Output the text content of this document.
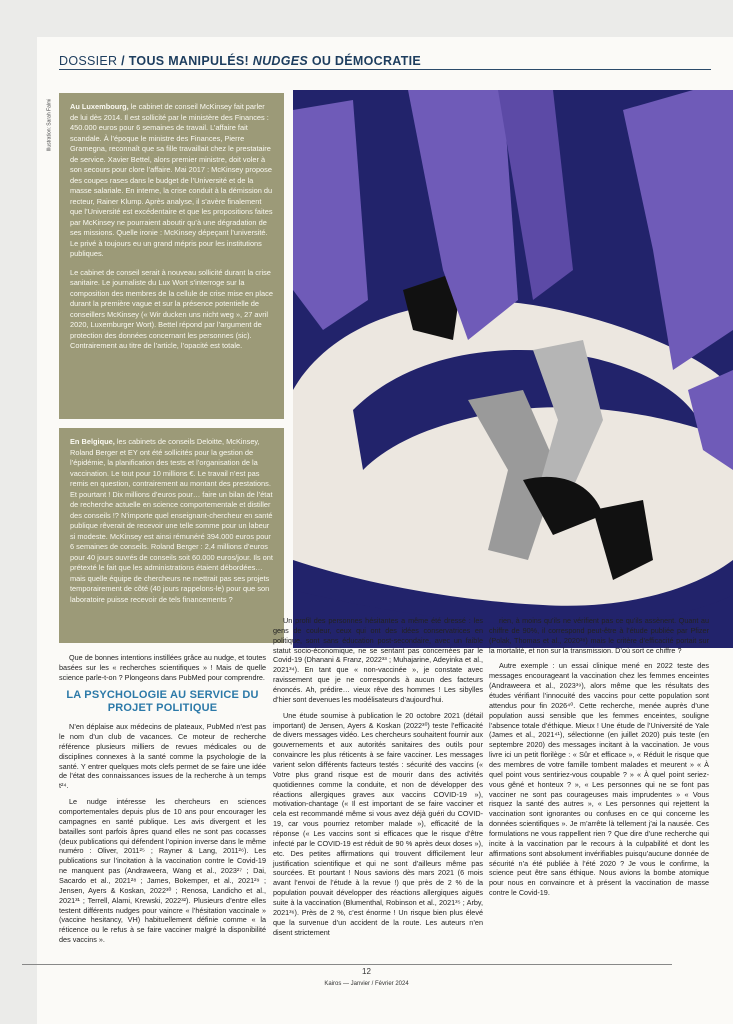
DOSSIER / TOUS MANIPULÉS! NUDGES OU DÉMOCRATIE
Illustration: Sarah Falmi Au Luxembourg, le cabinet de conseil McKinsey fait parler de lui dès 2014. Il est sollicité par le ministère des Finances : 450.000 euros pour 6 semaines de travail. L’affaire fait scandale. À l’époque le ministre des Finances, Pierre Gramegna, reconnaît que sa fille travaillait chez le prestataire de service. Xavier Bettel, alors premier ministre, doit voler à son secours pour clore l’affaire. Mai 2017 : McKinsey propose des coupes rases dans le budget de l’Université et de la masse salariale. En interne, la crise conduit à la démission du recteur, Rainer Klump. Après analyse, il s’avère finalement que l’Université est excédentaire et que les propositions faites par McKinsey ne pourraient aboutir qu’à une dégradation de ses missions. Quelle ironie : McKinsey dépeçant l’université. Le privé à toujours eu un grand mépris pour les institutions publiques.

Le cabinet de conseil serait à nouveau sollicité durant la crise sanitaire. Le journaliste du Lux Wort s’interroge sur la composition des membres de la cellule de crise mise en place durant la première vague et sur la présence potentielle de conseillers McKinsey (« Wir ducken uns nicht weg », 27 avril 2020, Luxemburger Wort). Bettel répond par l’argument de protection des données concernant les personnes (sic). Contrairement au titre de l’article, l’opacité est totale.

En Belgique, les cabinets de conseils Deloitte, McKinsey, Roland Berger et EY ont été sollicités pour la gestion de l’épidémie, la planification des tests et l’organisation de la vaccination. Le tout pour 10 millions €. Le travail n’est pas remis en question, contrairement au montant des prestations. Et pourtant ! Dix millions d’euros pour… faire un bilan de l’état de recherche actuelle en science comportementale et distiller des conseils !? N’importe quel enseignant-chercheur en santé publique rêverait de recevoir une telle somme pour un labeur si modeste. McKinsey est ainsi rémunéré 394.000 euros pour 6 semaines de conseils. Roland Berger : 2,4 millions d’euros pour 40 jours ouvrés de conseils soit 60.000 euros/jour. Ils ont prétexté le fait que les administrations étaient débordées… mais quelle équipe de chercheurs ne mettrait pas ses projets temporairement de côté (40 jours rappelons-le) pour que son laboratoire puisse recevoir de tels financements ?

Que de bonnes intentions instillées grâce au nudge, et toutes basées sur les « recherches scientifiques » ! Mais de quelle science parle-t-on ? Plongeons dans PubMed pour comprendre.

LA PSYCHOLOGIE AU SERVICE DU PROJET POLITIQUE

N’en déplaise aux médecins de plateaux, PubMed n’est pas le nom d’un club de vacances. Ce moteur de recherche référence plusieurs milliers de revues médicales ou de disciplines connexes à la santé comme la psychologie de la santé. Y entrer quelques mots clefs permet de se faire une idée de l’état des connaissances issues de la recherche à un temps t²⁴.

Le nudge intéresse les chercheurs en sciences comportementales depuis plus de 10 ans pour encourager les campagnes en santé publique. Les avis divergent et les batailles sont parfois âpres quand elles ne sont pas cocasses (deux publications qui défendent l’opinion inverse dans le même numéro : Oliver, 2011²⁵ ; Rayner & Lang, 2011²⁶). Les publications sur l’incitation à la vaccination contre le Covid-19 ne manquent pas (Andraweera, Wang et al., 2023²⁷ ; Dai, Sacardo et al., 2021²⁸ ; James, Bokemper, et al., 2021²⁹ ; Jensen, Ayers & Koskan, 2022³⁰ ; Renosa, Landicho et al., 2021³¹ ; Terrell, Alami, Krewski, 2022³²). Plusieurs d’entre elles testent différents nudges pour vaincre « l’hésitation vaccinale » (vaccine hesitancy, VH) habituellement définie comme « la réticence ou le refus à se faire vacciner malgré la disponibilité des vaccins ».

Un profil des personnes hésitantes a même été dressé : les gens de couleur, ceux qui ont des idées conservatrices en politique, sont sans éducation post-secondaire, avec un faible statut socio-économique, ne se sentant pas concernées par le Covid-19 (Dhanani & Franz, 2022³³ ; Muhajarine, Adeyinka et al., 2021³⁴). En tant que « non-vaccinée », je constate avec ravissement que je ne corresponds à aucun des facteurs énoncés. Ah, prédire… vieux rêve des hommes ! Les sibylles d’hier sont devenues les modélisateurs d’aujourd’hui.

Une étude soumise à publication le 20 octobre 2021 (détail important) de Jensen, Ayers & Koskan (2022³⁰) teste l’efficacité de divers messages vidéo. Les chercheurs souhaitent fournir aux gouvernements et aux autorités sanitaires des outils pour convaincre les plus réticents à se faire vacciner. Les messages varient selon différents facteurs testés : sécurité des vaccins (« Votre plus grand risque est de mourir dans des activités quotidiennes comme la conduite, et non de développer des réactions allergiques graves aux vaccins COVID-19 »), motivation-chantage (« Il est important de se faire vacciner et cela est recommandé même si vous avez déjà guéri du COVID-19, car vous pourriez retomber malade »), efficacité de la réponse (« Les vaccins sont si efficaces que le risque d’être infecté par le COVID-19 est réduit de 90 % après deux doses »), etc. Des petites affirmations qui trouvent difficilement leur justification scientifique et qui ne sont d’ailleurs même pas sourcées. Et pourtant ! Nous savions dès mars 2021 (6 mois avant l’envoi de l’étude à la revue !) que près de 2 % de la population pouvait développer des réactions allergiques aiguës suite à la vaccination (Blumenthal, Robinson et al., 2021³⁵ ; Arby, 2021³⁶). Près de 2 %, c’est énorme ! Un risque bien plus élevé que la survenue d’un accident de la route. Les auteurs n’en disent strictement

rien, à moins qu’ils ne vérifient pas ce qu’ils assènent. Quant au chiffre de 90%, il correspond peut-être à l’étude publiée par Pfizer (Polak, Thomas et al., 2020³⁸) mais le critère d’efficacité portait sur la mortalité, et non sur la transmission. D’où sort ce chiffre ?

Autre exemple : un essai clinique mené en 2022 teste des messages encourageant la vaccination chez les femmes enceintes (Andraweera et al., 2023³⁹), alors même que les résultats des études vérifiant l’innocuité des vaccins pour cette population sont attendus pour fin 2026⁴⁰. Cette recherche, menée auprès d’une population aussi sensible que les femmes enceintes, souligne l’absence totale d’éthique. Mieux ! Une étude de l’Université de Yale (James et al., 2021⁴¹), sélectionne (en juillet 2020) puis teste (en septembre 2020) des messages incitant à la vaccination. Je vous livre ici un petit florilège : « Sûr et efficace », « Réduit le risque que des membres de votre famille tombent malades et meurent » « À quel point vous sentiriez-vous coupable ? » « À quel point seriez-vous gêné et honteux ? », « Les personnes qui ne se font pas vacciner ne sont pas courageuses mais imprudentes » « Vous risquez la santé des autres », « Les personnes qui rejettent la vaccination sont ignorantes ou confuses en ce qui concerne les données scientifiques ». Je m’arrête là tellement j’ai la nausée. Ces formulations ne vous rappellent rien ? Que dire d’une recherche qui incite à la vaccination par le recours à la culpabilité et dont les affirmations sont absolument invérifiables puisqu’aucune donnée de sécurité n’a été publiée à l’été 2020 ? Je vous le confirme, la science peut être sans éthique. Nous avions la bombe atomique pour nous en convaincre et à présent la vaccination de masse contre le Covid-19.

12
Kairos — Janvier / Février 2024
